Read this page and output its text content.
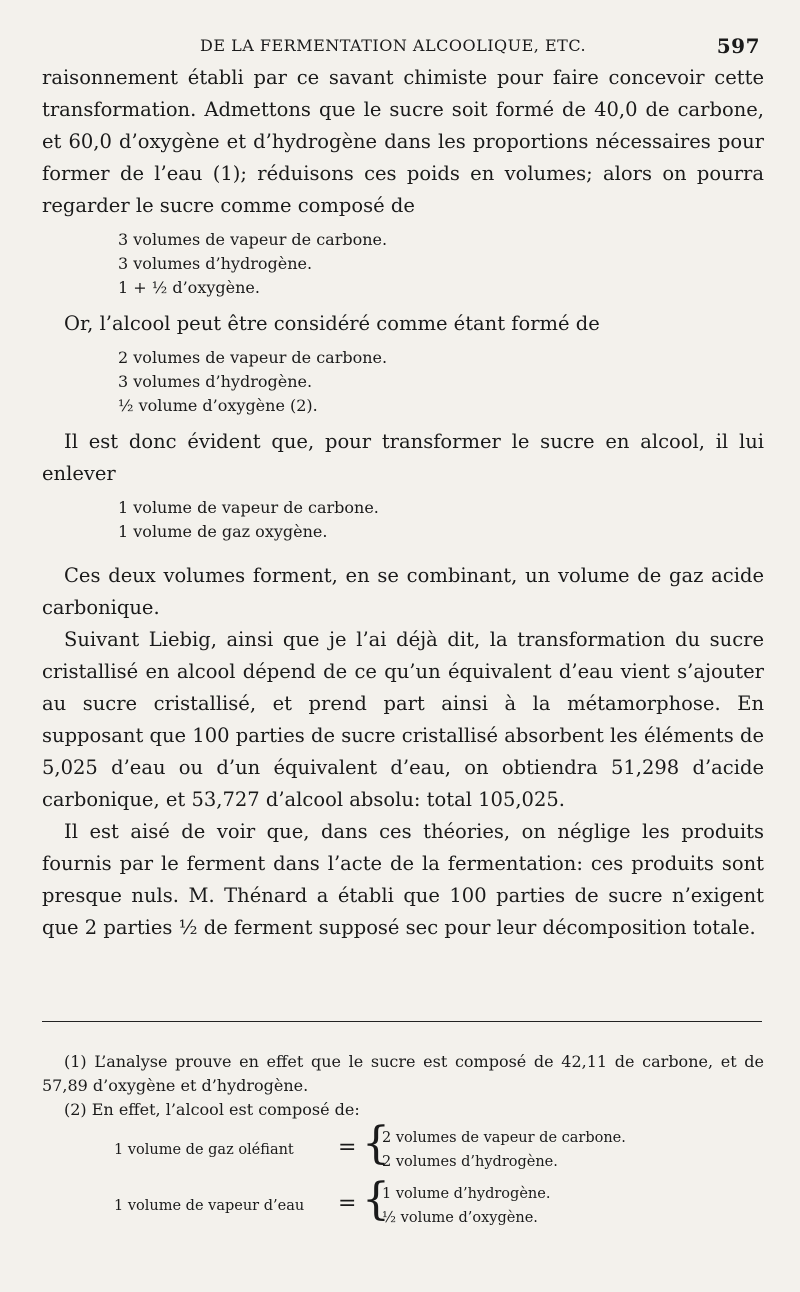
DE LA FERMENTATION ALCOOLIQUE, ETC.	597

raisonnement établi par ce savant chimiste pour faire concevoir cette transformation. Admettons que le sucre soit formé de 40,0 de carbone, et 60,0 d’oxygène et d’hydrogène dans les proportions nécessaires pour former de l’eau (1); réduisons ces poids en volumes; alors on pourra regarder le sucre comme composé de

3 volumes de vapeur de carbone.
3 volumes d’hydrogène.
1 + ½ d’oxygène.

Or, l’alcool peut être considéré comme étant formé de

2 volumes de vapeur de carbone.
3 volumes d’hydrogène.
½ volume d’oxygène (2).

Il est donc évident que, pour transformer le sucre en alcool, il lui enlever

1 volume de vapeur de carbone.
1 volume de gaz oxygène.

Ces deux volumes forment, en se combinant, un volume de gaz acide carbonique.

Suivant Liebig, ainsi que je l’ai déjà dit, la transformation du sucre cristallisé en alcool dépend de ce qu’un équivalent d’eau vient s’ajouter au sucre cristallisé, et prend part ainsi à la métamorphose. En supposant que 100 parties de sucre cristallisé absorbent les éléments de 5,025 d’eau ou d’un équivalent d’eau, on obtiendra 51,298 d’acide carbonique, et 53,727 d’alcool absolu: total 105,025.

Il est aisé de voir que, dans ces théories, on néglige les produits fournis par le ferment dans l’acte de la fermentation: ces produits sont presque nuls. M. Thénard a établi que 100 parties de sucre n’exigent que 2 parties ½ de ferment supposé sec pour leur décomposition totale.

(1) L’analyse prouve en effet que le sucre est composé de 42,11 de carbone, et de 57,89 d’oxygène et d’hydrogène.

(2) En effet, l’alcool est composé de:

1 volume de gaz oléfiant = {
2 volumes de vapeur de carbone.
2 volumes d’hydrogène.
1 volume de vapeur d’eau = {
1 volume d’hydrogène.
½ volume d’oxygène.
